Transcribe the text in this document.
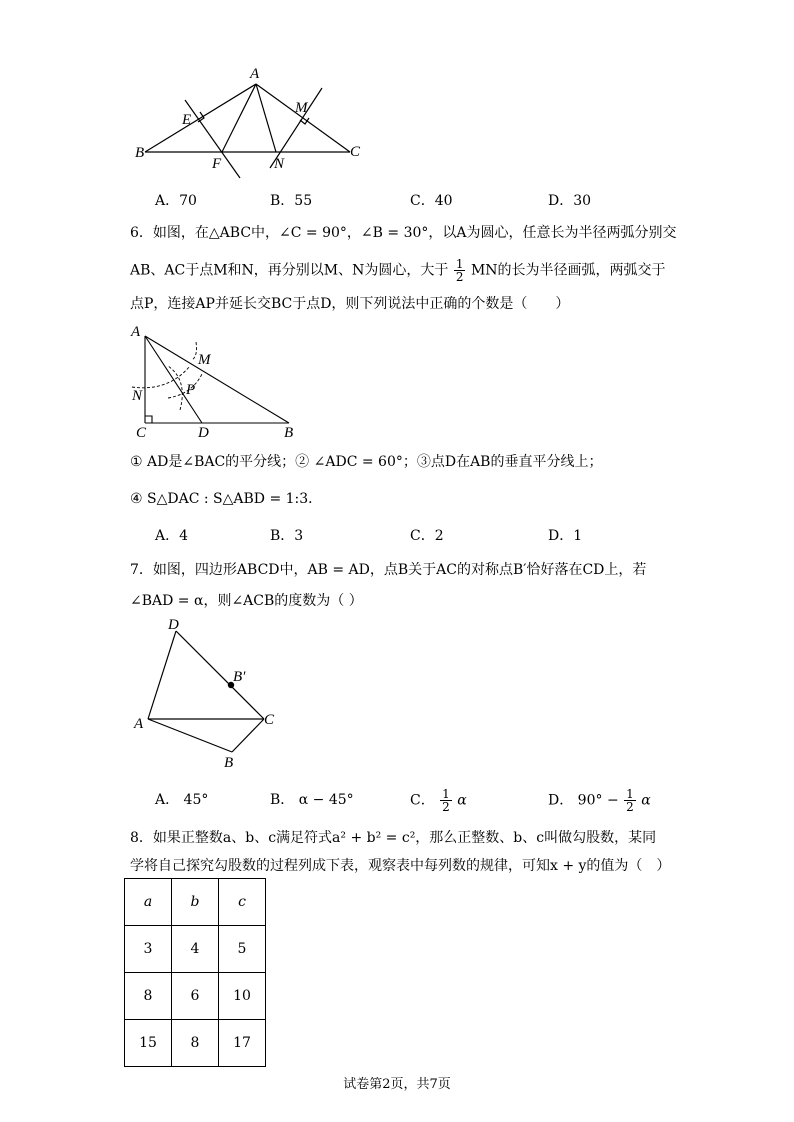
A
E
M
B
F	N
C
A．70	B．55	C．40	D．30
6．如图，在△ABC中，∠C = 90°，∠B = 30°，以A为圆心，任意长为半径两弧分别交
AB、AC于点M和N，再分别以M、N为圆心，大于 $\frac{1}{2}$ MN的长为半径画弧，两弧交于
点P，连接AP并延长交BC于点D，则下列说法中正确的个数是（　　）
A
M
P
N
C	D	B
① AD是∠BAC的平分线；② ∠ADC = 60°；③点D在AB的垂直平分线上；
④ S△DAC : S△ABD = 1:3．
A．4	B．3	C．2	D．1
7．如图，四边形ABCD中，AB = AD，点B关于AC的对称点B′恰好落在CD上，若
∠BAD = α，则∠ACB的度数为（ ）
D
B′
A	C
B
A． 45°	B． α − 45°	C． $\frac{1}{2}$ α	D． $90^\circ - \frac{1}{2}$ α
8．如果正整数a、b、c满足符式a² + b² = c²，那么正整数、b、c叫做勾股数，某同
学将自己探究勾股数的过程列成下表，观察表中每列数的规律，可知x + y的值为（　）
a	b	c
3	4	5
8	6	10
15	8	17
试卷第2页，共7页
